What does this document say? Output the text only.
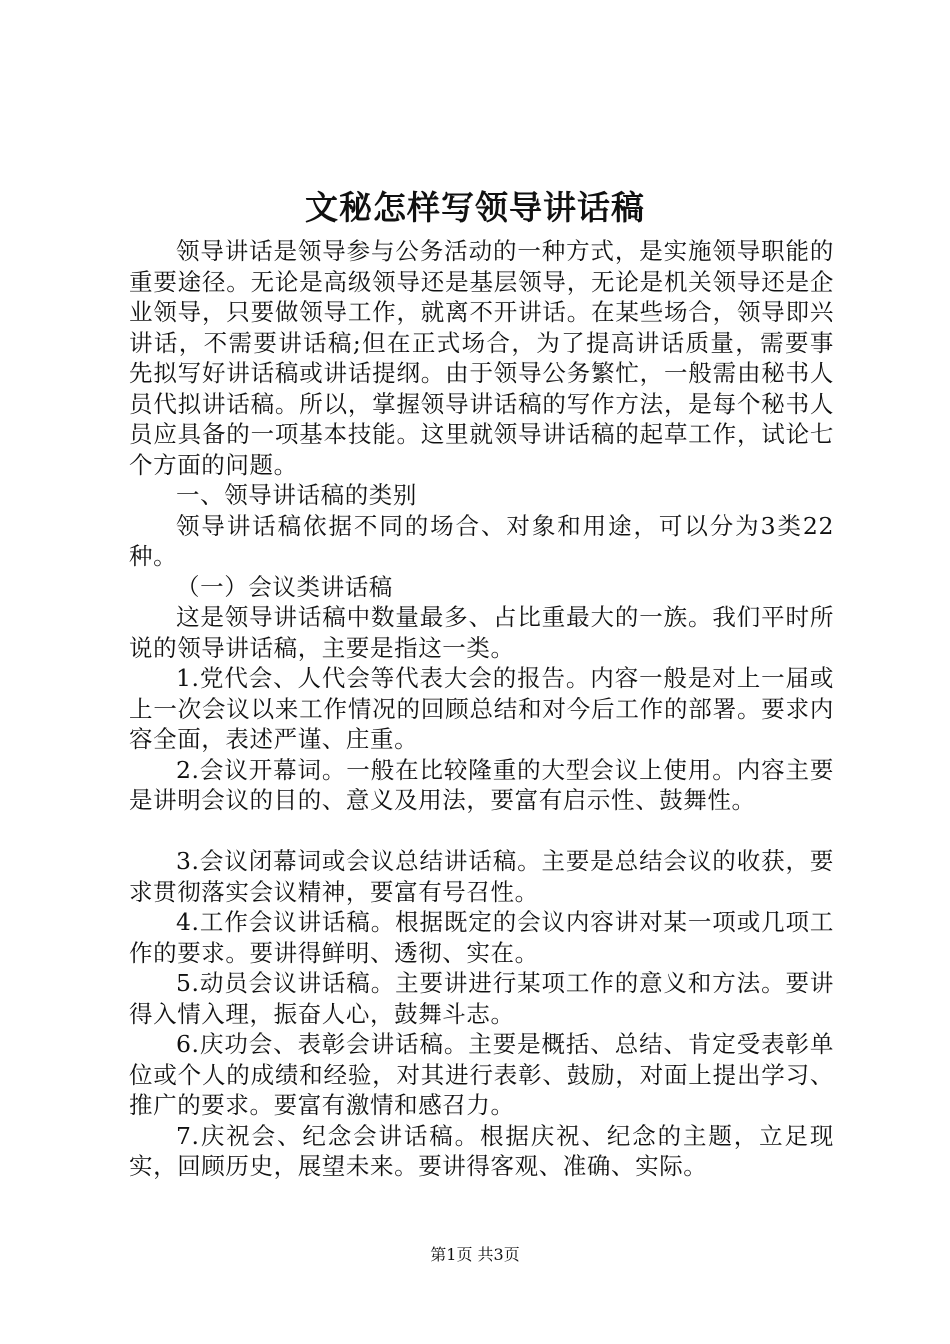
文秘怎样写领导讲话稿

领导讲话是领导参与公务活动的一种方式，是实施领导职能的重要途径。无论是高级领导还是基层领导，无论是机关领导还是企业领导，只要做领导工作，就离不开讲话。在某些场合，领导即兴讲话，不需要讲话稿;但在正式场合，为了提高讲话质量，需要事先拟写好讲话稿或讲话提纲。由于领导公务繁忙，一般需由秘书人员代拟讲话稿。所以，掌握领导讲话稿的写作方法，是每个秘书人员应具备的一项基本技能。这里就领导讲话稿的起草工作，试论七个方面的问题。

一、领导讲话稿的类别

领导讲话稿依据不同的场合、对象和用途，可以分为3类22种。

（一）会议类讲话稿

这是领导讲话稿中数量最多、占比重最大的一族。我们平时所说的领导讲话稿，主要是指这一类。

1.党代会、人代会等代表大会的报告。内容一般是对上一届或上一次会议以来工作情况的回顾总结和对今后工作的部署。要求内容全面，表述严谨、庄重。

2.会议开幕词。一般在比较隆重的大型会议上使用。内容主要是讲明会议的目的、意义及用法，要富有启示性、鼓舞性。

3.会议闭幕词或会议总结讲话稿。主要是总结会议的收获，要求贯彻落实会议精神，要富有号召性。

4.工作会议讲话稿。根据既定的会议内容讲对某一项或几项工作的要求。要讲得鲜明、透彻、实在。

5.动员会议讲话稿。主要讲进行某项工作的意义和方法。要讲得入情入理，振奋人心，鼓舞斗志。

6.庆功会、表彰会讲话稿。主要是概括、总结、肯定受表彰单位或个人的成绩和经验，对其进行表彰、鼓励，对面上提出学习、推广的要求。要富有激情和感召力。

7.庆祝会、纪念会讲话稿。根据庆祝、纪念的主题，立足现实，回顾历史，展望未来。要讲得客观、准确、实际。

第1页 共3页
